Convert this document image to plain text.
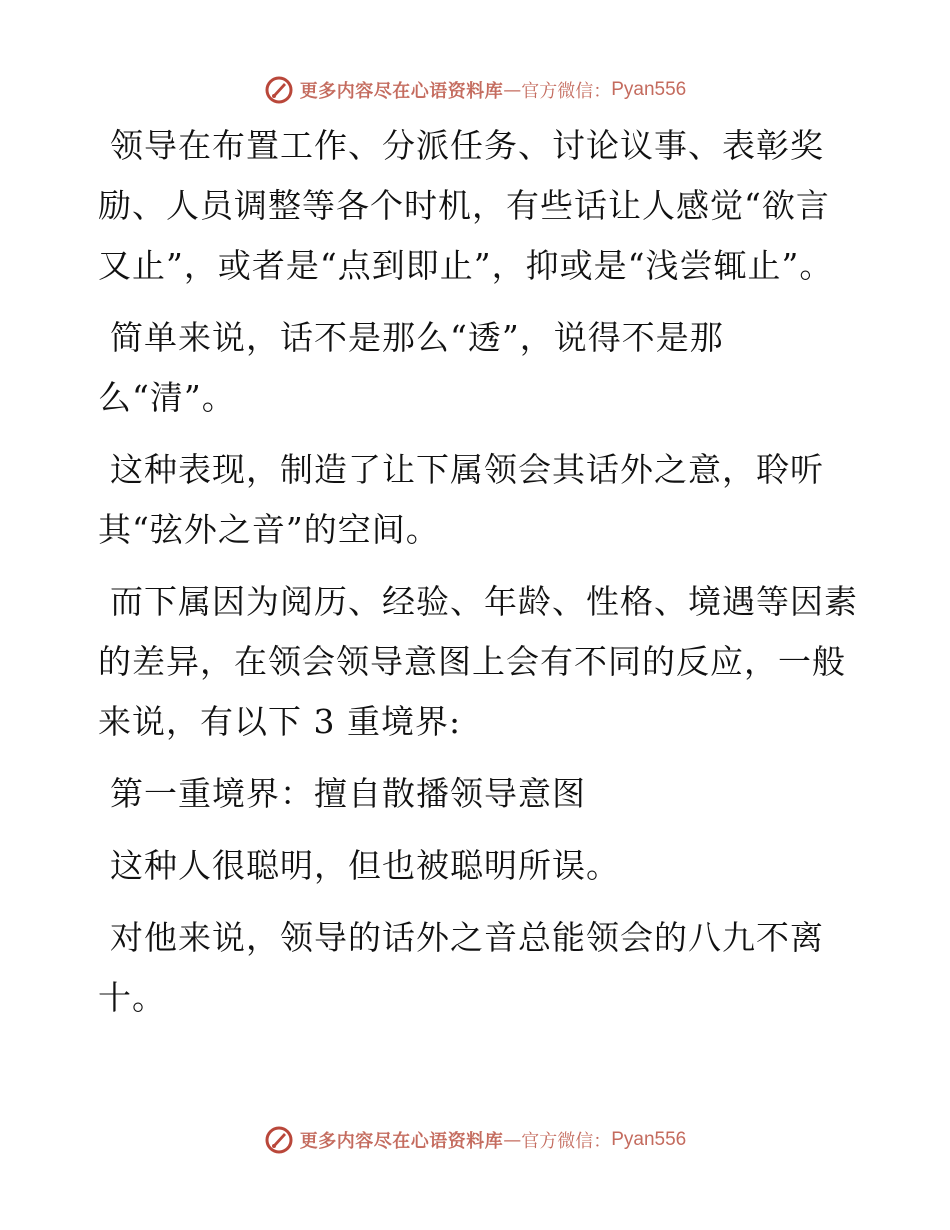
更多内容尽在心语资料库 — 官方微信： Pyan556

领导在布置工作、分派任务、讨论议事、表彰奖励、人员调整等各个时机，有些话让人感觉“欲言又止”，或者是“点到即止”，抑或是“浅尝辄止”。

简单来说，话不是那么“透”，说得不是那么“清”。

这种表现，制造了让下属领会其话外之意，聆听其“弦外之音”的空间。

而下属因为阅历、经验、年龄、性格、境遇等因素的差异，在领会领导意图上会有不同的反应，一般来说，有以下 3 重境界:

第一重境界：擅自散播领导意图

这种人很聪明，但也被聪明所误。

对他来说，领导的话外之音总能领会的八九不离十。

更多内容尽在心语资料库 — 官方微信： Pyan556
